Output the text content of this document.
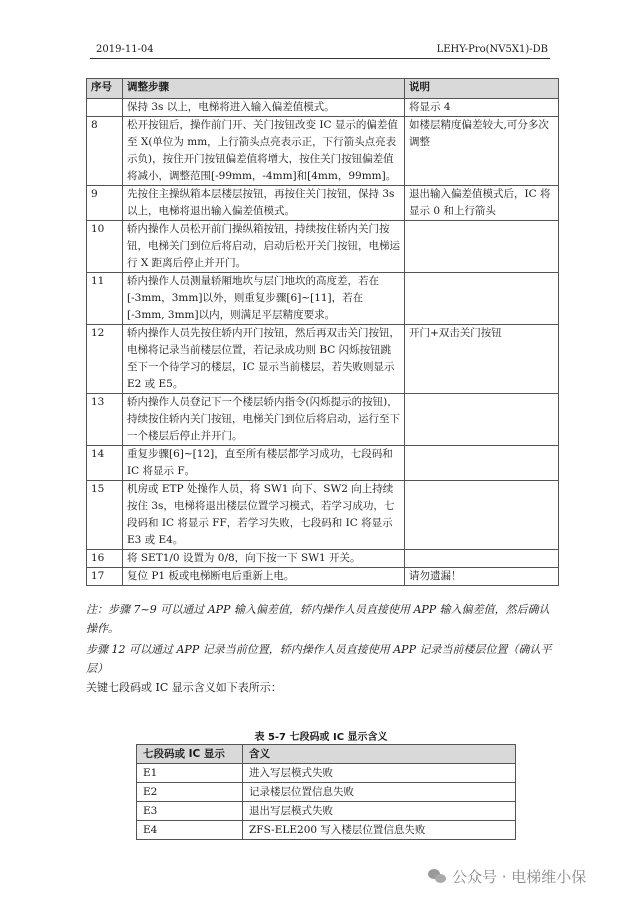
2019-11-04	LEHY-Pro(NV5X1)-DB
序号	调整步骤	说明
	保持 3s 以上，电梯将进入输入偏差值模式。	将显示 4
8	松开按钮后，操作前门开、关门按钮改变 IC 显示的偏差值至 X(单位为 mm，上行箭头点亮表示正，下行箭头点亮表示负)，按住开门按钮偏差值将增大，按住关门按钮偏差值将减小，调整范围[-99mm，-4mm]和[4mm，99mm]。	如楼层精度偏差较大,可分多次调整
9	先按住主操纵箱本层楼层按钮，再按住关门按钮，保持 3s 以上，电梯将退出输入偏差值模式。	退出输入偏差值模式后，IC 将显示 0 和上行箭头
10	轿内操作人员松开前门操纵箱按钮，持续按住轿内关门按钮，电梯关门到位后将启动，启动后松开关门按钮，电梯运行 X 距离后停止并开门。	
11	轿内操作人员测量轿厢地坎与层门地坎的高度差，若在[-3mm，3mm]以外，则重复步骤[6]~[11]，若在[-3mm, 3mm]以内，则满足平层精度要求。	
12	轿内操作人员先按住轿内开门按钮，然后再双击关门按钮，电梯将记录当前楼层位置，若记录成功则 BC 闪烁按钮跳至下一个待学习的楼层，IC 显示当前楼层，若失败则显示 E2 或 E5。	开门+双击关门按钮
13	轿内操作人员登记下一个楼层轿内指令(闪烁提示的按钮)，持续按住轿内关门按钮，电梯关门到位后将启动，运行至下一个楼层后停止并开门。	
14	重复步骤[6]~[12]，直至所有楼层都学习成功，七段码和 IC 将显示 F。	
15	机房或 ETP 处操作人员，将 SW1 向下、SW2 向上持续按住 3s，电梯将退出楼层位置学习模式，若学习成功，七段码和 IC 将显示 FF，若学习失败，七段码和 IC 将显示 E3 或 E4。	
16	将 SET1/0 设置为 0/8，向下按一下 SW1 开关。	
17	复位 P1 板或电梯断电后重新上电。	请勿遗漏！
注：步骤 7~9 可以通过 APP 输入偏差值，轿内操作人员直接使用 APP 输入偏差值，然后确认操作。
步骤 12 可以通过 APP 记录当前位置，轿内操作人员直接使用 APP 记录当前楼层位置（确认平层）
关键七段码或 IC 显示含义如下表所示：
表 5-7 七段码或 IC 显示含义
七段码或 IC 显示	含义
E1	进入写层模式失败
E2	记录楼层位置信息失败
E3	退出写层模式失败
E4	ZFS-ELE200 写入楼层位置信息失败
公众号 · 电梯维小保
